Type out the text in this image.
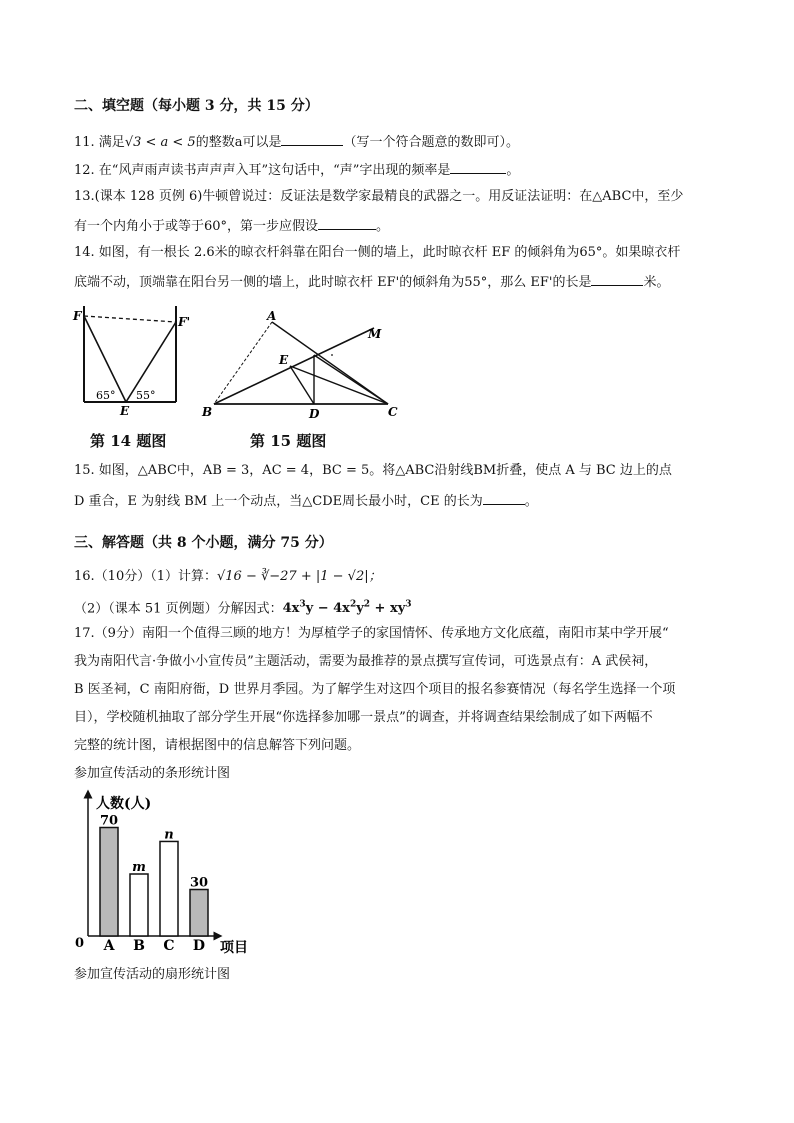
二、填空题（每小题 3 分，共 15 分）
11. 满足√3 < a < 5的整数a可以是	（写一个符合题意的数即可）。
12. 在“风声雨声读书声声声入耳”这句话中，“声”字出现的频率是	。
13.(课本 128 页例 6)牛顿曾说过：反证法是数学家最精良的武器之一。用反证法证明：在△ABC中，至少
有一个内角小于或等于60°，第一步应假设	。
14. 如图，有一根长 2.6米的晾衣杆斜靠在阳台一侧的墙上，此时晾衣杆 EF 的倾斜角为65°。如果晾衣杆
底端不动，顶端靠在阳台另一侧的墙上，此时晾衣杆 EF'的倾斜角为55°，那么 EF'的长是	米。
F	F'
E
65° 55°
第 14 题图
A
M
E
B	D	C
第 15 题图
15. 如图，△ABC中，AB = 3，AC = 4，BC = 5。将△ABC沿射线BM折叠，使点 A 与 BC 边上的点
D 重合，E 为射线 BM 上一个动点，当△CDE周长最小时，CE 的长为	。
三、解答题（共 8 个小题，满分 75 分）
16.（10分）（1）计算：√16 − ∛−27 + |1 − √2|；
（2）（课本 51 页例题）分解因式：$4x^3y - 4x^2y^2 + xy^3$
17.（9分）南阳一个值得三顾的地方！为厚植学子的家国情怀、传承地方文化底蕴，南阳市某中学开展“
我为南阳代言·争做小小宣传员”主题活动，需要为最推荐的景点撰写宣传词，可选景点有：A 武侯祠，
B 医圣祠，C 南阳府衙，D 世界月季园。为了解学生对这四个项目的报名参赛情况（每名学生选择一个项
目），学校随机抽取了部分学生开展“你选择参加哪一景点”的调查，并将调查结果绘制成了如下两幅不
完整的统计图，请根据图中的信息解答下列问题。
参加宣传活动的条形统计图
人数(人)
项目
0
70
A
m
B
n
C
30
D
参加宣传活动的扇形统计图
